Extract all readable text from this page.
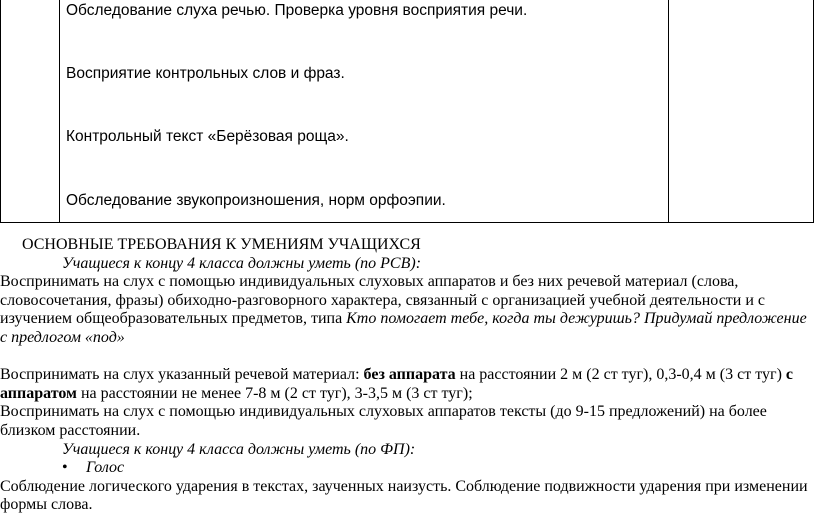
Обследование слуха речью. Проверка уровня восприятия речи.
Восприятие контрольных слов и фраз.
Контрольный текст «Берёзовая роща».
Обследование звукопроизношения, норм орфоэпии.

ОСНОВНЫЕ ТРЕБОВАНИЯ К УМЕНИЯМ УЧАЩИХСЯ

Учащиеся к концу 4 класса должны уметь (по РСВ):

Воспринимать на слух с помощью индивидуальных слуховых аппаратов и без них речевой материал (слова, словосочетания, фразы) обиходно-разговорного характера, связанный с организацией учебной деятельности и с изучением общеобразовательных предметов, типа Кто помогает тебе, когда ты дежуришь? Придумай предложение с предлогом «под»

Воспринимать на слух указанный речевой материал: без аппарата на расстоянии 2 м (2 ст туг), 0,3-0,4 м (3 ст туг) с аппаратом на расстоянии не менее 7-8 м (2 ст туг), 3-3,5 м (3 ст туг);

Воспринимать на слух с помощью индивидуальных слуховых аппаратов тексты (до 9-15 предложений) на более близком расстоянии.

Учащиеся к концу 4 класса должны уметь (по ФП):

• Голос

Соблюдение логического ударения в текстах, заученных наизусть. Соблюдение подвижности ударения при изменении формы слова.
